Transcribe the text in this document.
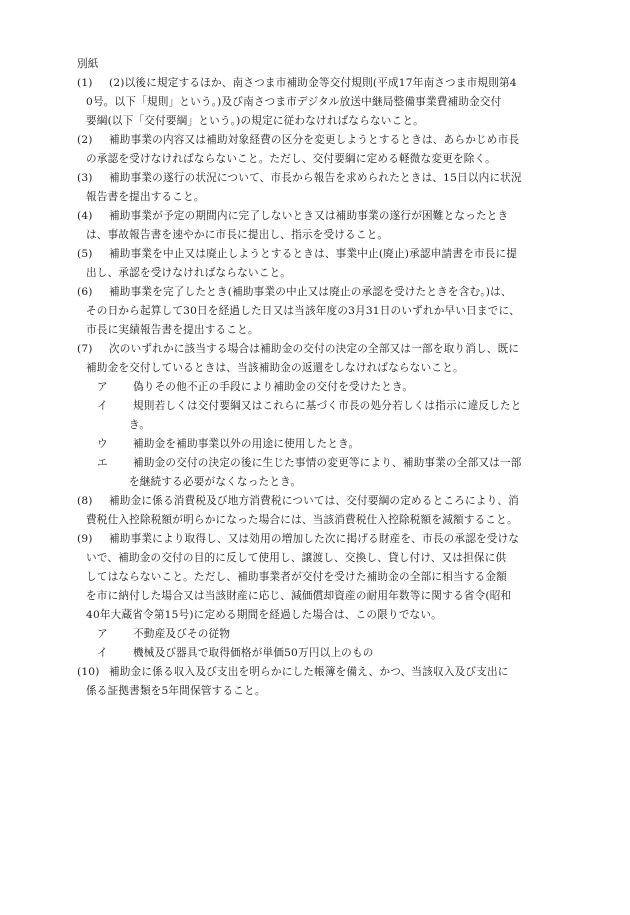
別紙
(1) (2)以後に規定するほか、南さつま市補助金等交付規則(平成17年南さつま市規則第4
0号。以下「規則」という。)及び南さつま市デジタル放送中継局整備事業費補助金交付
要綱(以下「交付要綱」という。)の規定に従わなければならないこと。
(2) 補助事業の内容又は補助対象経費の区分を変更しようとするときは、あらかじめ市長
の承認を受けなければならないこと。ただし、交付要綱に定める軽微な変更を除く。
(3) 補助事業の遂行の状況について、市長から報告を求められたときは、15日以内に状況
報告書を提出すること。
(4) 補助事業が予定の期間内に完了しないとき又は補助事業の遂行が困難となったとき
は、事故報告書を速やかに市長に提出し、指示を受けること。
(5) 補助事業を中止又は廃止しようとするときは、事業中止(廃止)承認申請書を市長に提
出し、承認を受けなければならないこと。
(6) 補助事業を完了したとき(補助事業の中止又は廃止の承認を受けたときを含む。)は、
その日から起算して30日を経過した日又は当該年度の3月31日のいずれか早い日までに、
市長に実績報告書を提出すること。
(7) 次のいずれかに該当する場合は補助金の交付の決定の全部又は一部を取り消し、既に
補助金を交付しているときは、当該補助金の返還をしなければならないこと。
ア 偽りその他不正の手段により補助金の交付を受けたとき。
イ 規則若しくは交付要綱又はこれらに基づく市長の処分若しくは指示に違反したと
き。
ウ 補助金を補助事業以外の用途に使用したとき。
エ 補助金の交付の決定の後に生じた事情の変更等により、補助事業の全部又は一部
を継続する必要がなくなったとき。
(8) 補助金に係る消費税及び地方消費税については、交付要綱の定めるところにより、消
費税仕入控除税額が明らかになった場合には、当該消費税仕入控除税額を減額すること。
(9) 補助事業により取得し、又は効用の増加した次に掲げる財産を、市長の承認を受けな
いで、補助金の交付の目的に反して使用し、譲渡し、交換し、貸し付け、又は担保に供
してはならないこと。ただし、補助事業者が交付を受けた補助金の全部に相当する金額
を市に納付した場合又は当該財産に応じ、減価償却資産の耐用年数等に関する省令(昭和
40年大蔵省令第15号)に定める期間を経過した場合は、この限りでない。
ア 不動産及びその従物
イ 機械及び器具で取得価格が単価50万円以上のもの
(10) 補助金に係る収入及び支出を明らかにした帳簿を備え、かつ、当該収入及び支出に
係る証拠書類を5年間保管すること。
